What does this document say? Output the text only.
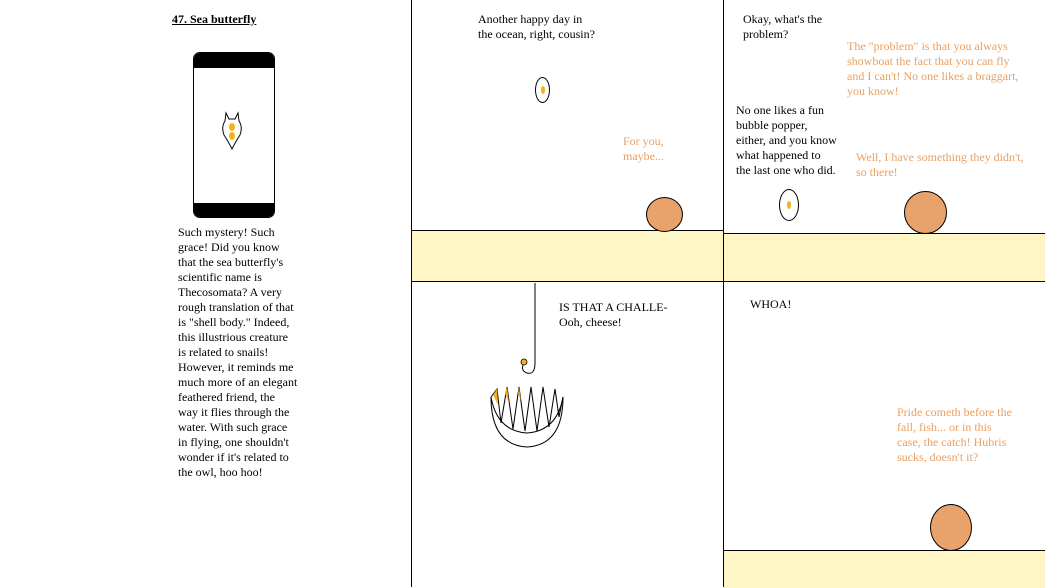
47. Sea butterfly
Such mystery! Such
grace! Did you know
that the sea butterfly's
scientific name is
Thecosomata? A very
rough translation of that
is "shell body." Indeed,
this illustrious creature
is related to snails!
However, it reminds me
much more of an elegant
feathered friend, the
way it flies through the
water. With such grace
in flying, one shouldn't
wonder if it's related to
the owl, hoo hoo!
Another happy day in
the ocean, right, cousin?
For you,
maybe...
Okay, what's the
problem?
The "problem" is that you always
showboat the fact that you can fly
and I can't! No one likes a braggart,
you know!
No one likes a fun
bubble popper,
either, and you know
what happened to
the last one who did.
Well, I have something they didn't,
so there!
IS THAT A CHALLE-
Ooh, cheese!
WHOA!
Pride cometh before the
fall, fish... or in this
case, the catch! Hubris
sucks, doesn't it?
